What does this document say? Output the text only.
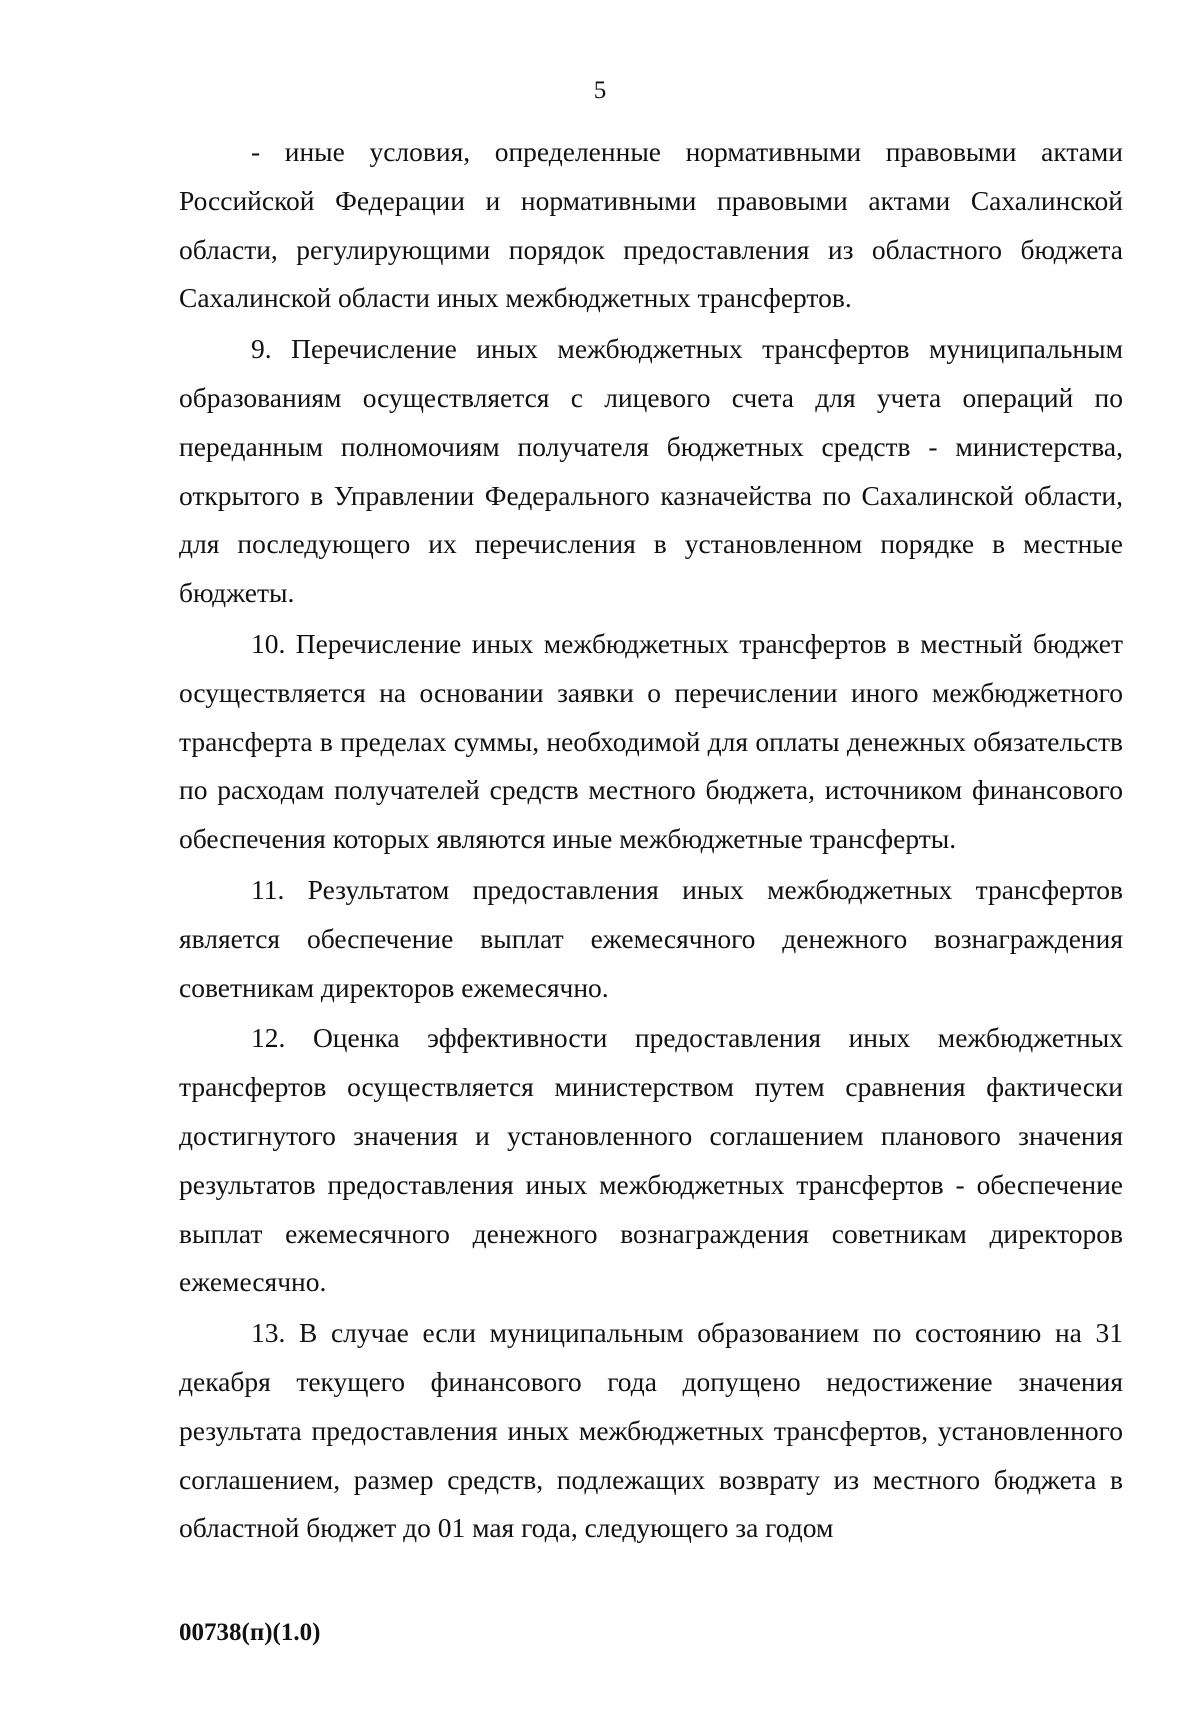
5

- иные условия, определенные нормативными правовыми актами Российской Федерации и нормативными правовыми актами Сахалинской области, регулирующими порядок предоставления из областного бюджета Сахалинской области иных межбюджетных трансфертов.

9. Перечисление иных межбюджетных трансфертов муниципальным образованиям осуществляется с лицевого счета для учета операций по переданным полномочиям получателя бюджетных средств - министерства, открытого в Управлении Федерального казначейства по Сахалинской области, для последующего их перечисления в установленном порядке в местные бюджеты.

10. Перечисление иных межбюджетных трансфертов в местный бюджет осуществляется на основании заявки о перечислении иного межбюджетного трансферта в пределах суммы, необходимой для оплаты денежных обязательств по расходам получателей средств местного бюджета, источником финансового обеспечения которых являются иные межбюджетные трансферты.

11. Результатом предоставления иных межбюджетных трансфертов является обеспечение выплат ежемесячного денежного вознаграждения советникам директоров ежемесячно.

12. Оценка эффективности предоставления иных межбюджетных трансфертов осуществляется министерством путем сравнения фактически достигнутого значения и установленного соглашением планового значения результатов предоставления иных межбюджетных трансфертов - обеспечение выплат ежемесячного денежного вознаграждения советникам директоров ежемесячно.

13. В случае если муниципальным образованием по состоянию на 31 декабря текущего финансового года допущено недостижение значения результата предоставления иных межбюджетных трансфертов, установленного соглашением, размер средств, подлежащих возврату из местного бюджета в областной бюджет до 01 мая года, следующего за годом

00738(п)(1.0)
